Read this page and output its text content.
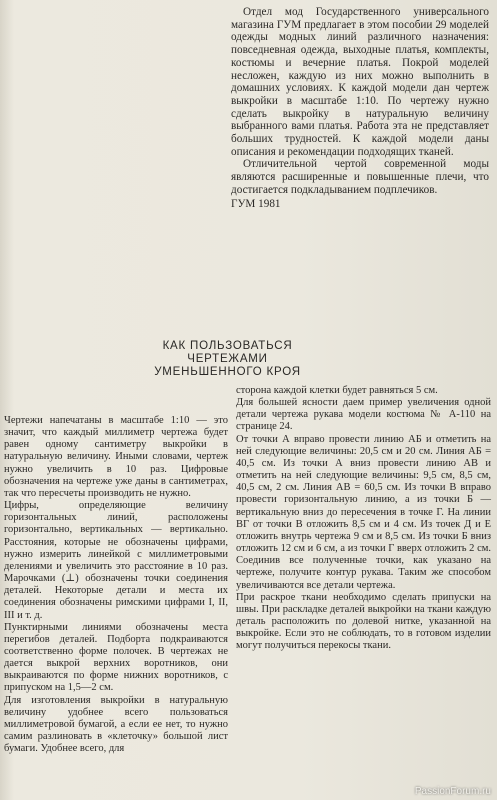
Отдел мод Государственного универсального магазина ГУМ предлагает в этом пособии 29 моделей одежды модных линий различного назначения: повседневная одежда, выходные платья, комплекты, костюмы и вечерние платья. Покрой моделей несложен, каждую из них можно выполнить в домашних условиях. К каждой модели дан чертеж выкройки в масштабе 1:10. По чертежу нужно сделать выкройку в натуральную величину выбранного вами платья. Работа эта не представляет больших трудностей. К каждой модели даны описания и рекомендации подходящих тканей.

Отличительной чертой современной моды являются расширенные и повышенные плечи, что достигается подкладыванием подплечиков.

ГУМ 1981

КАК ПОЛЬЗОВАТЬСЯ
ЧЕРТЕЖАМИ
УМЕНЬШЕННОГО КРОЯ

Чертежи напечатаны в масштабе 1:10 — это значит, что каждый миллиметр чертежа будет равен одному сантиметру выкройки в натуральную величину. Иными словами, чертеж нужно увеличить в 10 раз. Цифровые обозначения на чертеже уже даны в сантиметрах, так что пересчеты производить не нужно.

Цифры, определяющие величину горизонтальных линий, расположены горизонтально, вертикальных — вертикально. Расстояния, которые не обозначены цифрами, нужно измерить линейкой с миллиметровыми делениями и увеличить это расстояние в 10 раз. Марочками (⊥) обозначены точки соединения деталей. Некоторые детали и места их соединения обозначены римскими цифрами I, II, III и т. д.

Пунктирными линиями обозначены места перегибов деталей. Подборта подкраиваются соответственно форме полочек. В чертежах не дается выкрой верхних воротников, они выкраиваются по форме нижних воротников, с припуском на 1,5—2 см.

Для изготовления выкройки в натуральную величину удобнее всего пользоваться миллиметровой бумагой, а если ее нет, то нужно самим разлиновать в «клеточку» большой лист бумаги. Удобнее всего, для

сторона каждой клетки будет равняться 5 см.

Для большей ясности даем пример увеличения одной детали чертежа рукава модели костюма № А-110 на странице 24.

От точки А вправо провести линию АБ и отметить на ней следующие величины: 20,5 см и 20 см. Линия АБ = 40,5 см. Из точки А вниз провести линию АВ и отметить на ней следующие величины: 9,5 см, 8,5 см, 40,5 см, 2 см. Линия АВ = 60,5 см. Из точки В вправо провести горизонтальную линию, а из точки Б — вертикальную вниз до пересечения в точке Г. На линии ВГ от точки В отложить 8,5 см и 4 см. Из точек Д и Е отложить внутрь чертежа 9 см и 8,5 см. Из точки Б вниз отложить 12 см и 6 см, а из точки Г вверх отложить 2 см. Соединив все полученные точки, как указано на чертеже, получите контур рукава. Таким же способом увеличиваются все детали чертежа.

При раскрое ткани необходимо сделать припуски на швы. При раскладке деталей выкройки на ткани каждую деталь расположить по долевой нитке, указанной на выкройке. Если это не соблюдать, то в готовом изделии могут получиться перекосы ткани.

PassionForum.ru
